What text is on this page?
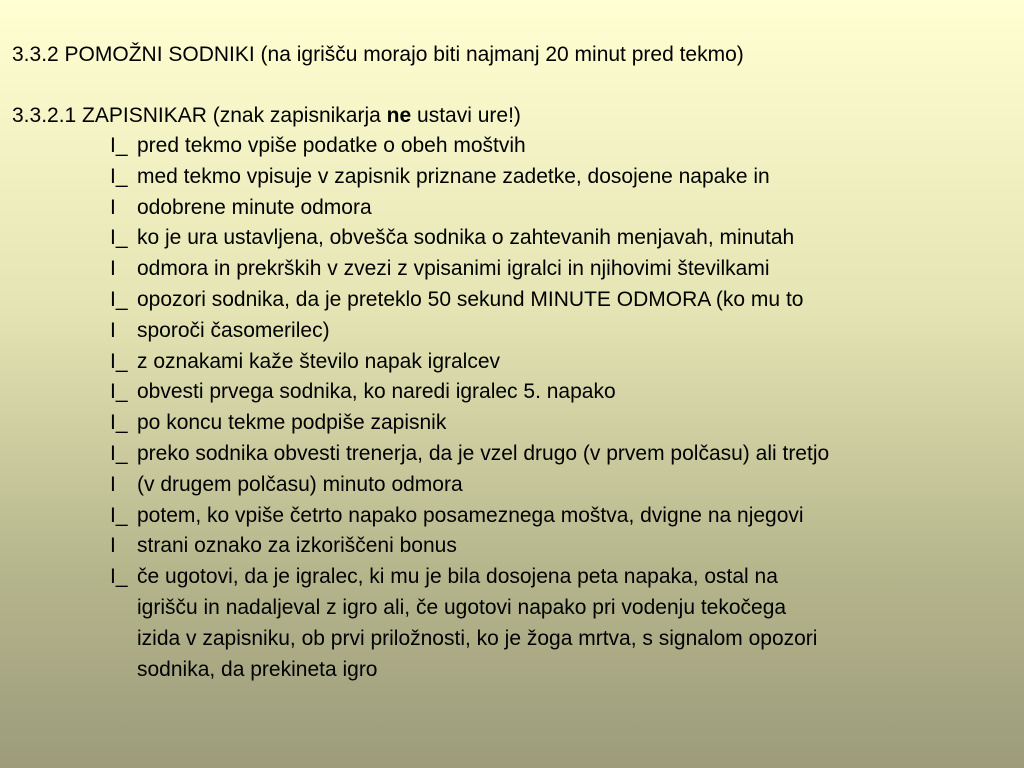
3.3.2 POMOŽNI SODNIKI (na igrišču morajo biti najmanj 20 minut pred tekmo)
3.3.2.1 ZAPISNIKAR (znak zapisnikarja ne ustavi ure!)
I_ pred tekmo vpiše podatke o obeh moštvih
I_ med tekmo vpisuje v zapisnik priznane zadetke, dosojene napake in
I	odobrene minute odmora
I_ ko je ura ustavljena, obvešča sodnika o zahtevanih menjavah, minutah
I	odmora in prekrških v zvezi z vpisanimi igralci in njihovimi številkami
I_ opozori sodnika, da je preteklo 50 sekund MINUTE ODMORA (ko mu to
I	sporoči časomerilec)
I_ z oznakami kaže število napak igralcev
I_ obvesti prvega sodnika, ko naredi igralec 5. napako
I_ po koncu tekme podpiše zapisnik
I_ preko sodnika obvesti trenerja, da je vzel drugo (v prvem polčasu) ali tretjo
I	(v drugem polčasu) minuto odmora
I_ potem, ko vpiše četrto napako posameznega moštva, dvigne na njegovi
I	strani oznako za izkoriščeni bonus
I_ če ugotovi, da je igralec, ki mu je bila dosojena peta napaka, ostal na
igrišču in nadaljeval z igro ali, če ugotovi napako pri vodenju tekočega
izida v zapisniku, ob prvi priložnosti, ko je žoga mrtva, s signalom opozori
sodnika, da prekineta igro
